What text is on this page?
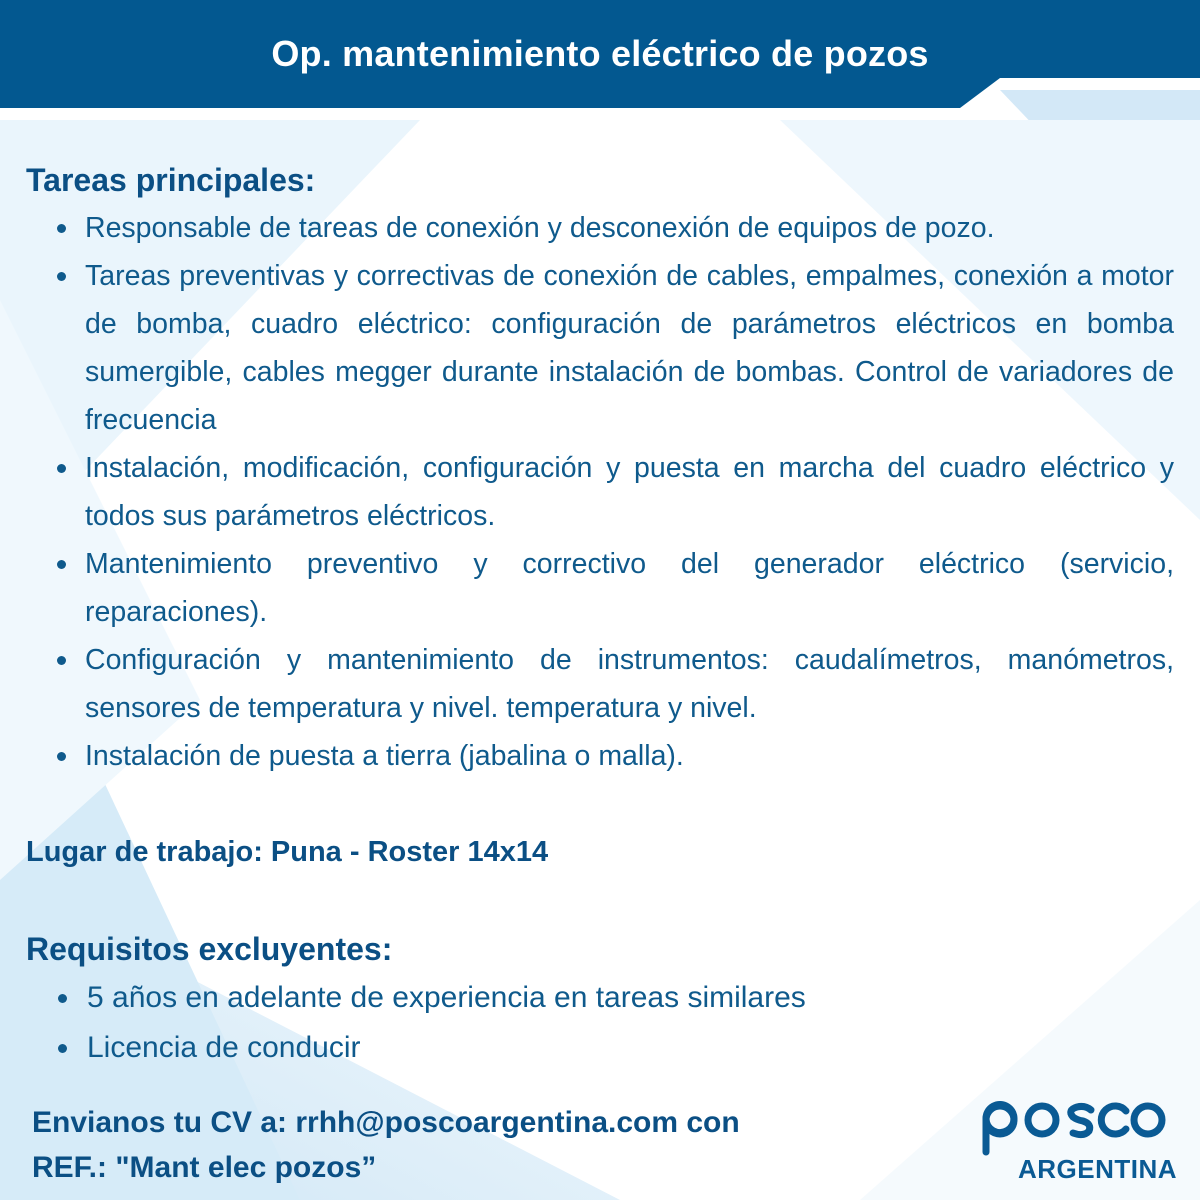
Op. mantenimiento eléctrico de pozos
Tareas principales:
Responsable de tareas de conexión y desconexión de equipos de pozo.
Tareas preventivas y correctivas de conexión de cables, empalmes, conexión a motor de bomba, cuadro eléctrico: configuración de parámetros eléctricos en bomba sumergible, cables megger durante instalación de bombas. Control de variadores de frecuencia
Instalación, modificación, configuración y puesta en marcha del cuadro eléctrico y todos sus parámetros eléctricos.
Mantenimiento preventivo y correctivo del generador eléctrico (servicio, reparaciones).
Configuración y mantenimiento de instrumentos: caudalímetros, manómetros, sensores de temperatura y nivel. temperatura y nivel.
Instalación de puesta a tierra (jabalina o malla).
Lugar de trabajo: Puna - Roster 14x14
Requisitos excluyentes:
5 años en adelante de experiencia en tareas similares
Licencia de conducir
Envianos tu CV a: rrhh@poscoargentina.com con
REF.: "Mant elec pozos”
posco
ARGENTINA
